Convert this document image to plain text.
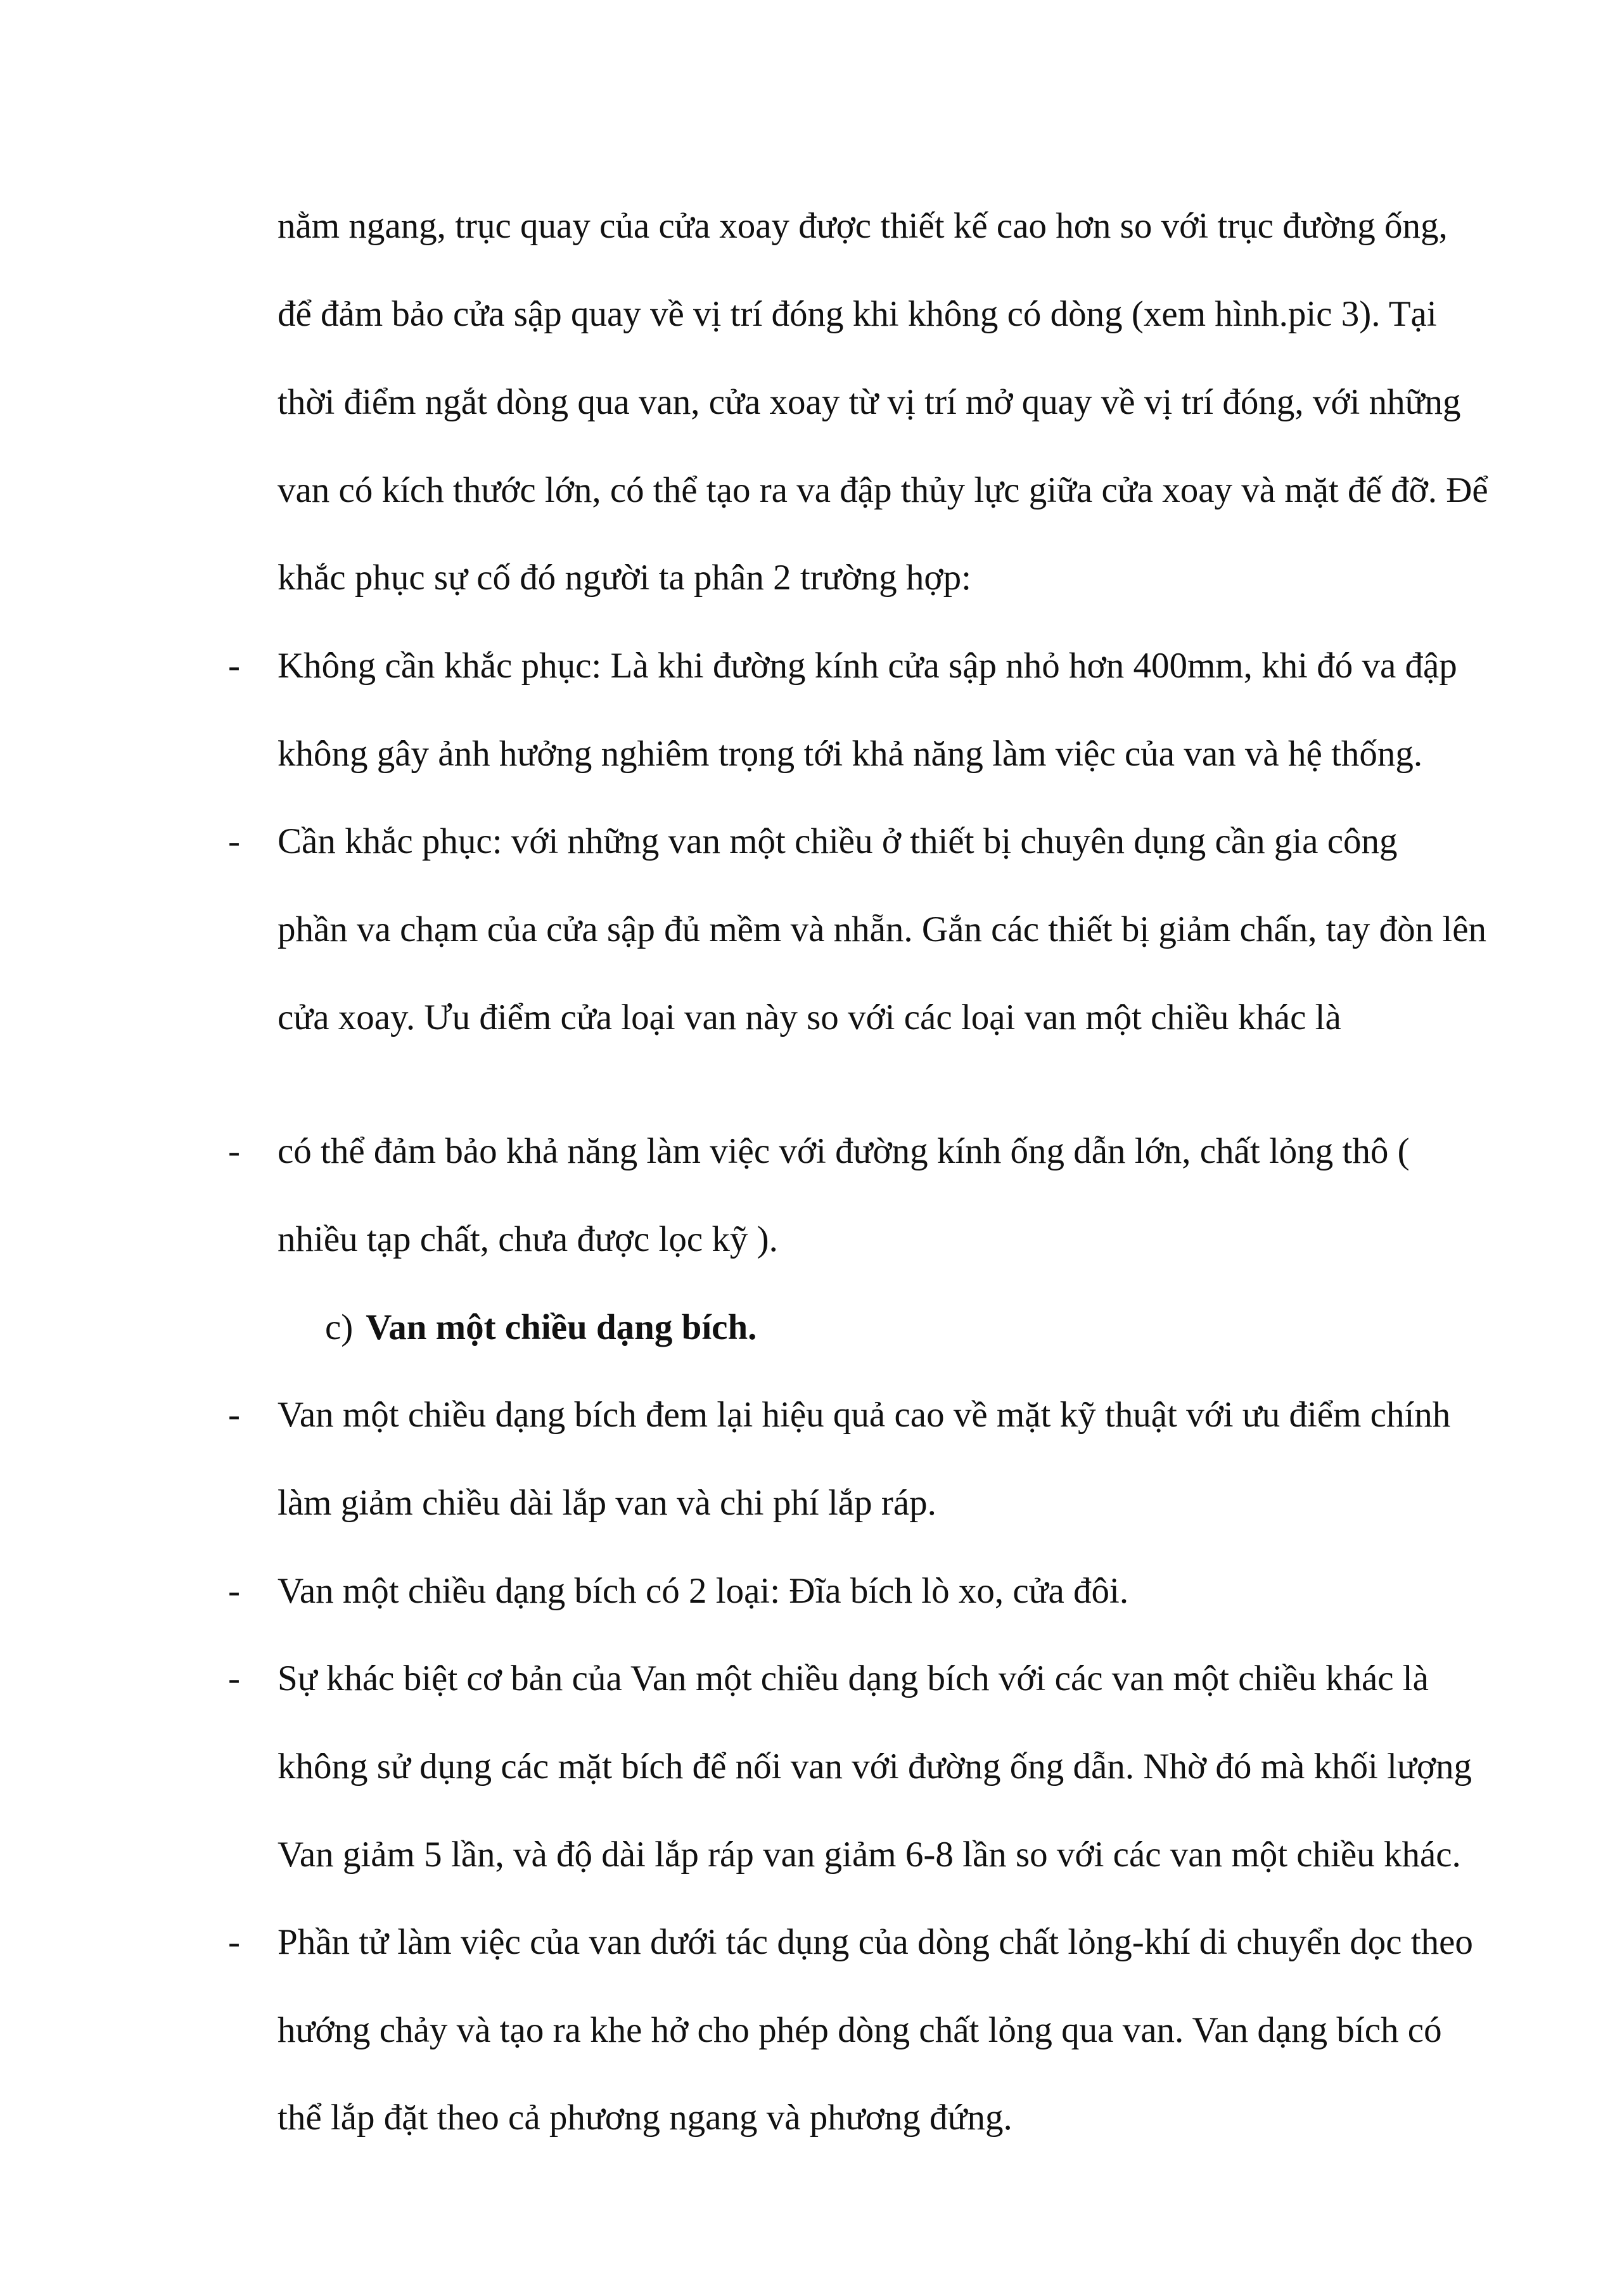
nằm ngang, trục quay của cửa xoay được thiết kế cao hơn so với trục đường ống,
để đảm bảo cửa sập quay về vị trí đóng khi không có dòng (xem hình.pic 3). Tại
thời điểm ngắt dòng qua van, cửa xoay từ vị trí mở quay về vị trí đóng, với những
van có kích thước lớn, có thể tạo ra va đập thủy lực giữa cửa xoay và mặt đế đỡ. Để
khắc phục sự cố đó người ta phân 2 trường hợp:
- Không cần khắc phục: Là khi đường kính cửa sập nhỏ hơn 400mm, khi đó va đập
không gây ảnh hưởng nghiêm trọng tới khả năng làm việc của van và hệ thống.
- Cần khắc phục: với những van một chiều ở thiết bị chuyên dụng cần gia công
phần va chạm của cửa sập đủ mềm và nhẵn. Gắn các thiết bị giảm chấn, tay đòn lên
cửa xoay. Ưu điểm cửa loại van này so với các loại van một chiều khác là
- có thể đảm bảo khả năng làm việc với đường kính ống dẫn lớn, chất lỏng thô (
nhiều tạp chất, chưa được lọc kỹ ).
c) Van một chiều dạng bích.
- Van một chiều dạng bích đem lại hiệu quả cao về mặt kỹ thuật với ưu điểm chính
làm giảm chiều dài lắp van và chi phí lắp ráp.
- Van một chiều dạng bích có 2 loại: Đĩa bích lò xo, cửa đôi.
- Sự khác biệt cơ bản của Van một chiều dạng bích với các van một chiều khác là
không sử dụng các mặt bích để nối van với đường ống dẫn. Nhờ đó mà khối lượng
Van giảm 5 lần, và độ dài lắp ráp van giảm 6-8 lần so với các van một chiều khác.
- Phần tử làm việc của van dưới tác dụng của dòng chất lỏng-khí di chuyển dọc theo
hướng chảy và tạo ra khe hở cho phép dòng chất lỏng qua van. Van dạng bích có
thể lắp đặt theo cả phương ngang và phương đứng.
